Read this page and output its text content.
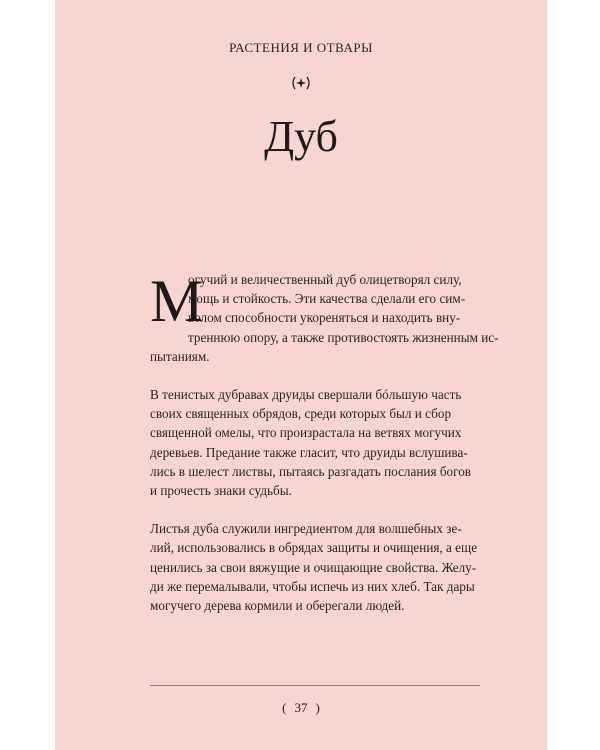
РАСТЕНИЯ И ОТВАРЫ
Дуб
М
огучий и величественный дуб олицетворял силу,
мощь и стойкость. Эти качества сделали его сим-
волом способности укореняться и находить вну-
треннюю опору, а также противостоять жизненным ис-
пытаниям.
В тенистых дубравах друиды свершали бóльшую часть
своих священных обрядов, среди которых был и сбор
священной омелы, что произрастала на ветвях могучих
деревьев. Предание также гласит, что друиды вслушива-
лись в шелест листвы, пытаясь разгадать послания богов
и прочесть знаки судьбы.
Листья дуба служили ингредиентом для волшебных зе-
лий, использовались в обрядах защиты и очищения, а еще
ценились за свои вяжущие и очищающие свойства. Желу-
ди же перемалывали, чтобы испечь из них хлеб. Так дары
могучего дерева кормили и оберегали людей.
( 37 )
